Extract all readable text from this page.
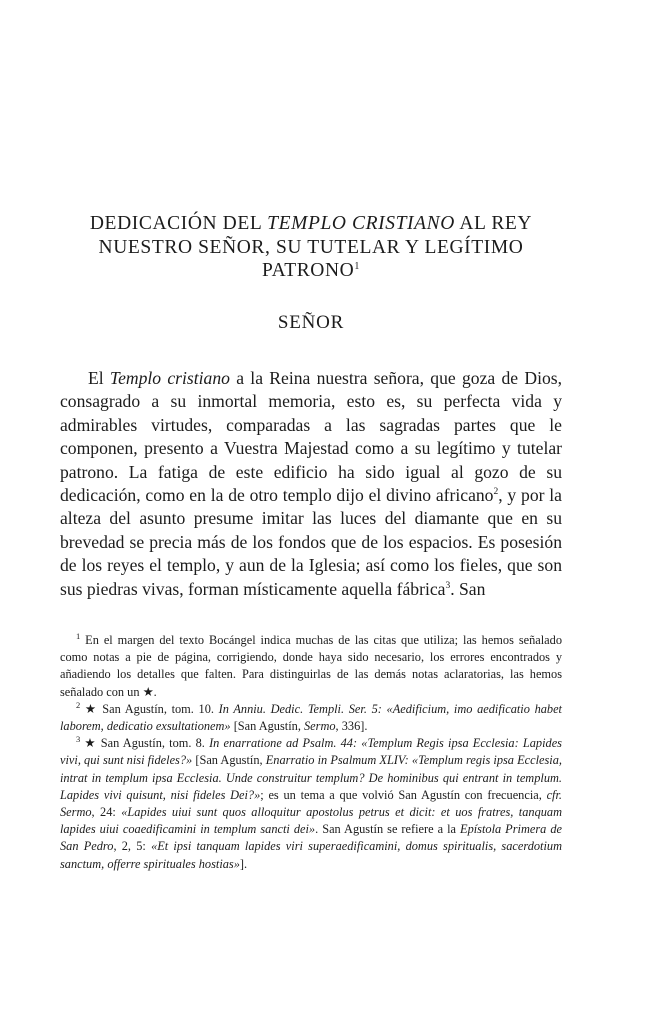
DEDICACIÓN DEL TEMPLO CRISTIANO AL REY NUESTRO SEÑOR, SU TUTELAR Y LEGÍTIMO PATRONO$^1$
SEÑOR

El Templo cristiano a la Reina nuestra señora, que goza de Dios, consagrado a su inmortal memoria, esto es, su perfecta vida y admirables virtudes, comparadas a las sagradas partes que le componen, presento a Vuestra Majestad como a su legítimo y tutelar patrono. La fatiga de este edificio ha sido igual al gozo de su dedicación, como en la de otro templo dijo el divino africano$^2$, y por la alteza del asunto presume imitar las luces del diamante que en su brevedad se precia más de los fondos que de los espacios. Es posesión de los reyes el templo, y aun de la Iglesia; así como los fieles, que son sus piedras vivas, forman místicamente aquella fábrica$^3$. San

$^1$ En el margen del texto Bocángel indica muchas de las citas que utiliza; las hemos señalado como notas a pie de página, corrigiendo, donde haya sido necesario, los errores encontrados y añadiendo los detalles que falten. Para distinguirlas de las demás notas aclaratorias, las hemos señalado con un ★.

$^2$ ★ San Agustín, tom. 10. In Anniu. Dedic. Templi. Ser. 5: «Aedificium, imo aedificatio habet laborem, dedicatio exsultationem» [San Agustín, Sermo, 336].

$^3$ ★ San Agustín, tom. 8. In enarratione ad Psalm. 44: «Templum Regis ipsa Ecclesia: Lapides vivi, qui sunt nisi fideles?» [San Agustín, Enarratio in Psalmum XLIV: «Templum regis ipsa Ecclesia, intrat in templum ipsa Ecclesia. Unde construitur templum? De hominibus qui entrant in templum. Lapides vivi quisunt, nisi fideles Dei?»; es un tema a que volvió San Agustín con frecuencia, cfr. Sermo, 24: «Lapides uiui sunt quos alloquitur apostolus petrus et dicit: et uos fratres, tanquam lapides uiui coaedificamini in templum sancti dei». San Agustín se refiere a la Epístola Primera de San Pedro, 2, 5: «Et ipsi tanquam lapides viri superaedificamini, domus spiritualis, sacerdotium sanctum, offerre spirituales hostias»].
